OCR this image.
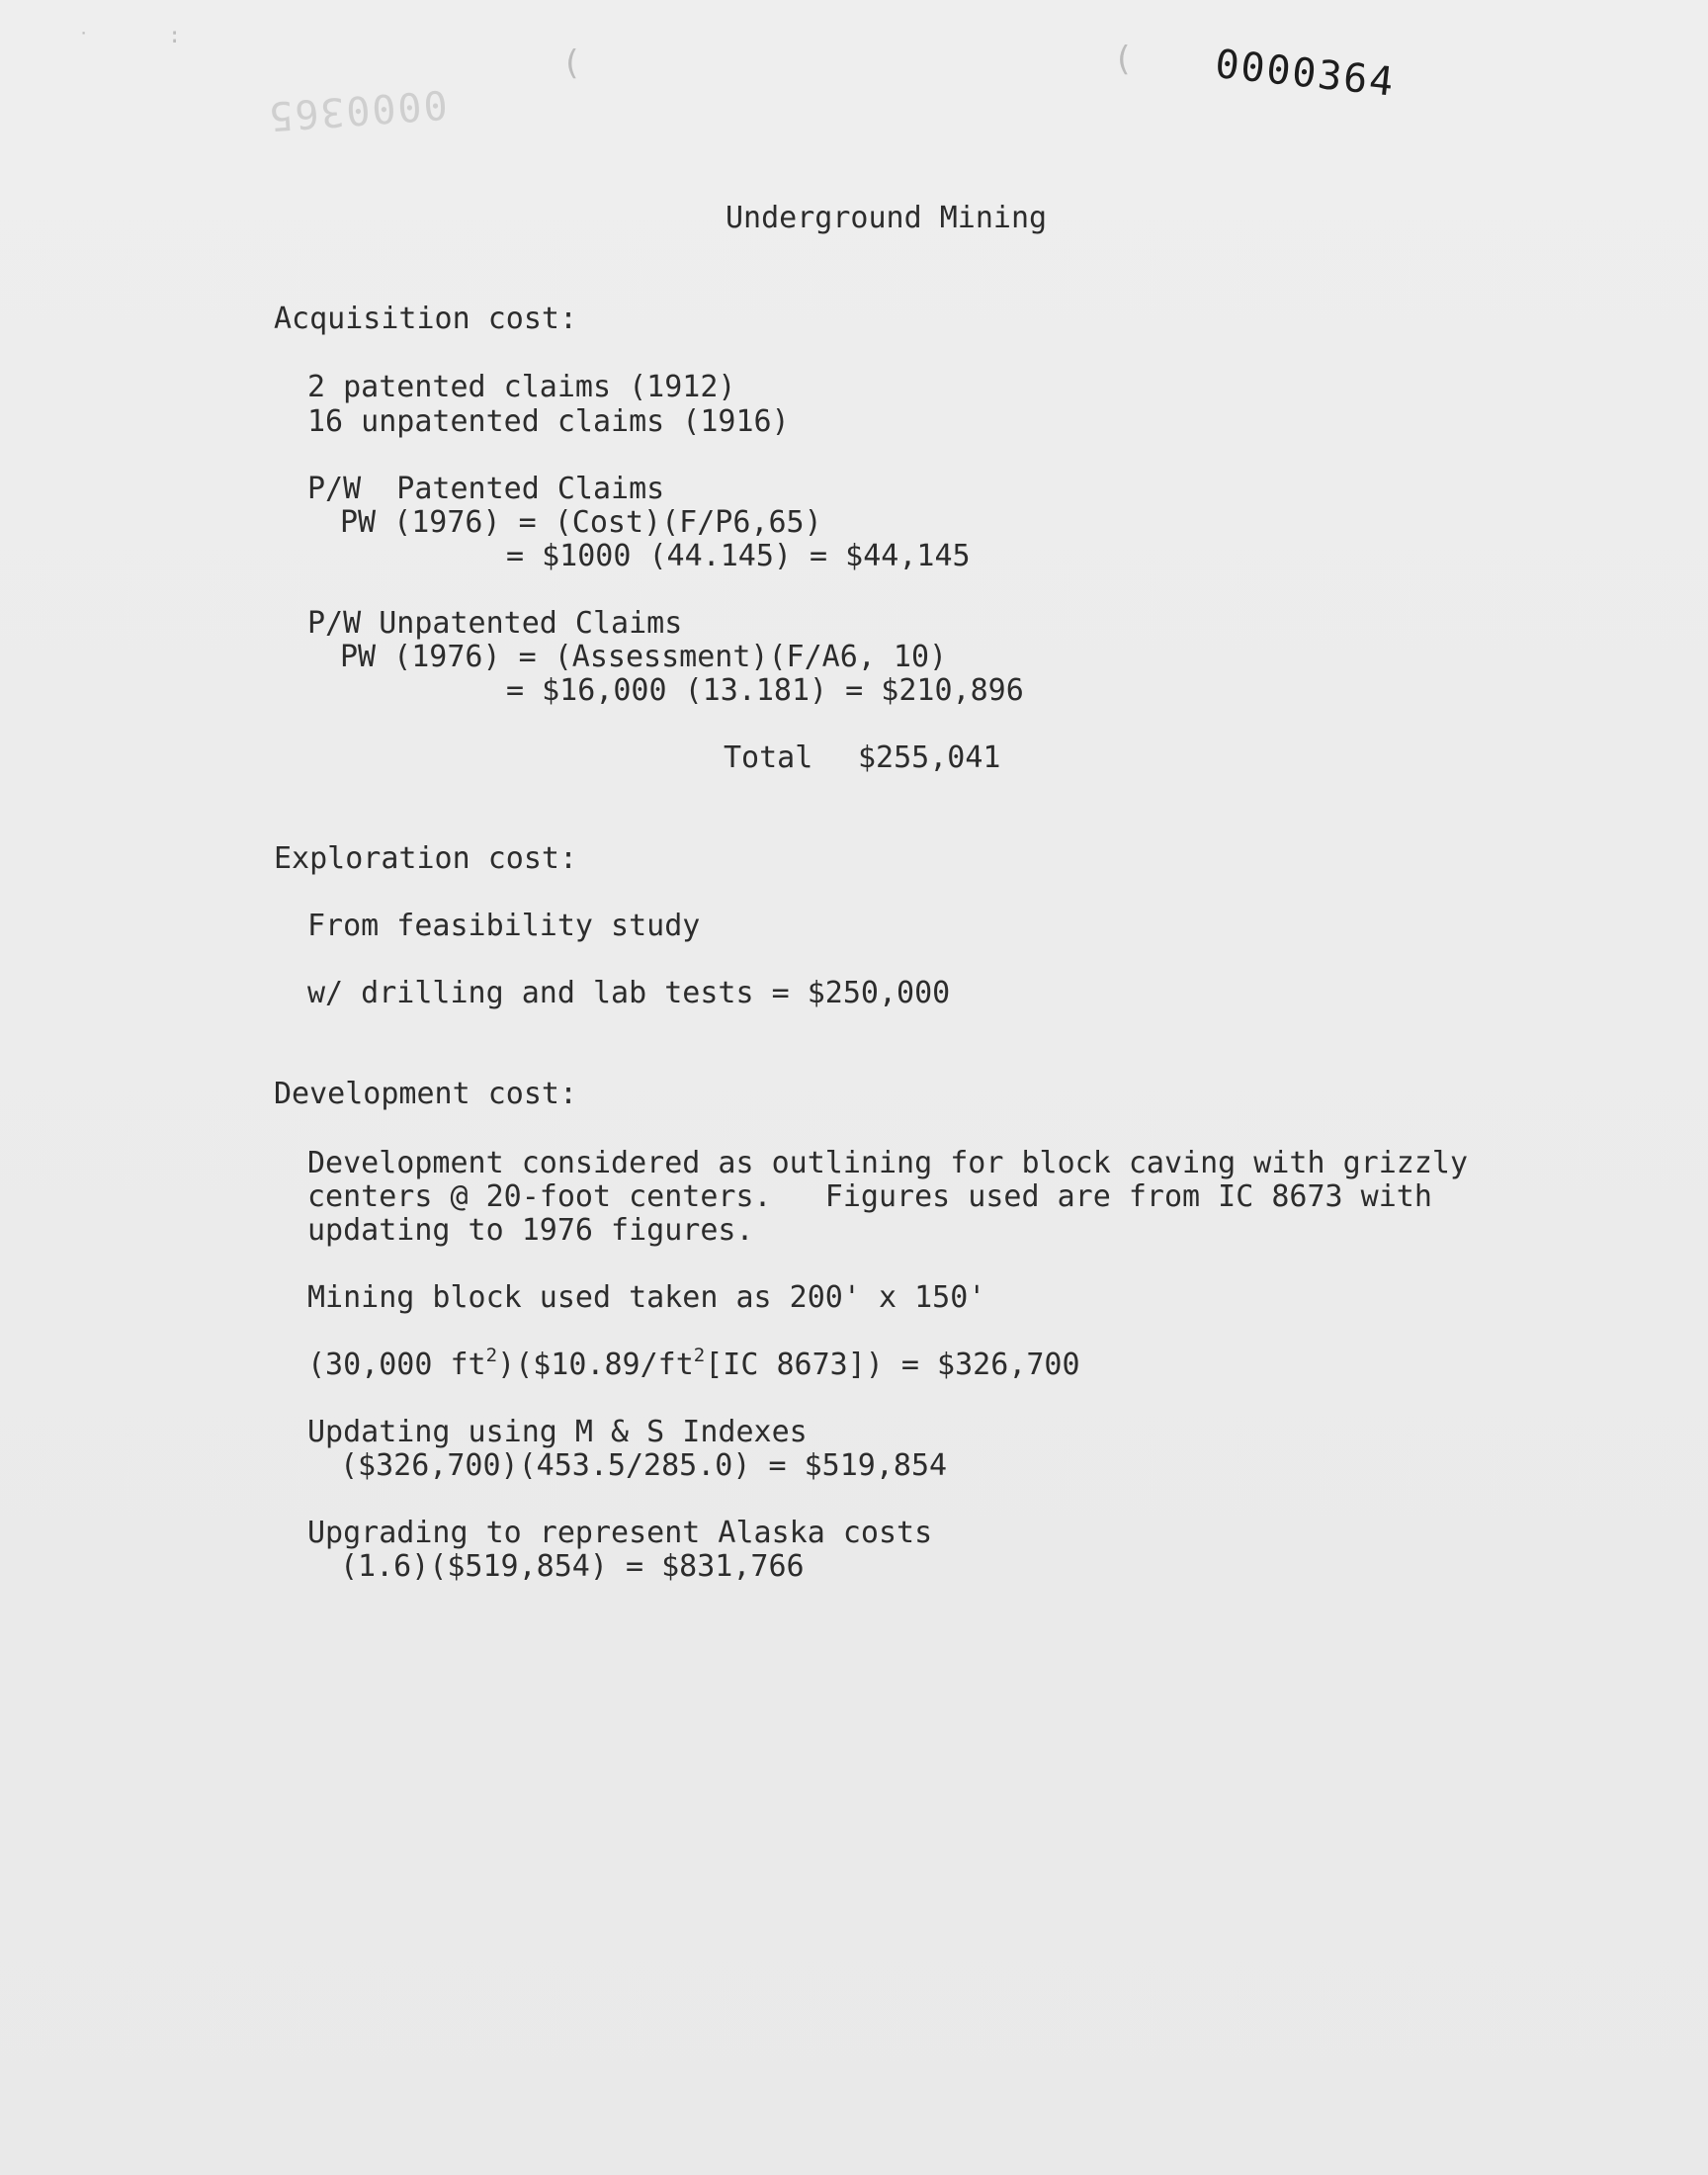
0000365
0000364
˙	:
(	(
Underground Mining
Acquisition cost:
2 patented claims (1912)
16 unpatented claims (1916)
P/W  Patented Claims
PW (1976) = (Cost)(F/P6,65)
= $1000 (44.145) = $44,145
P/W Unpatented Claims
PW (1976) = (Assessment)(F/A6, 10)
= $16,000 (13.181) = $210,896
Total $255,041
Exploration cost:
From feasibility study
w/ drilling and lab tests = $250,000
Development cost:
Development considered as outlining for block caving with grizzly
centers @ 20-foot centers.   Figures used are from IC 8673 with
updating to 1976 figures.
Mining block used taken as 200' x 150'
(30,000 $ft^2)(\$10.89/ft^2[IC$ 8673]) = $326,700
Updating using M & S Indexes
($326,700)(453.5/285.0) = $519,854
Upgrading to represent Alaska costs
(1.6)($519,854) = $831,766
